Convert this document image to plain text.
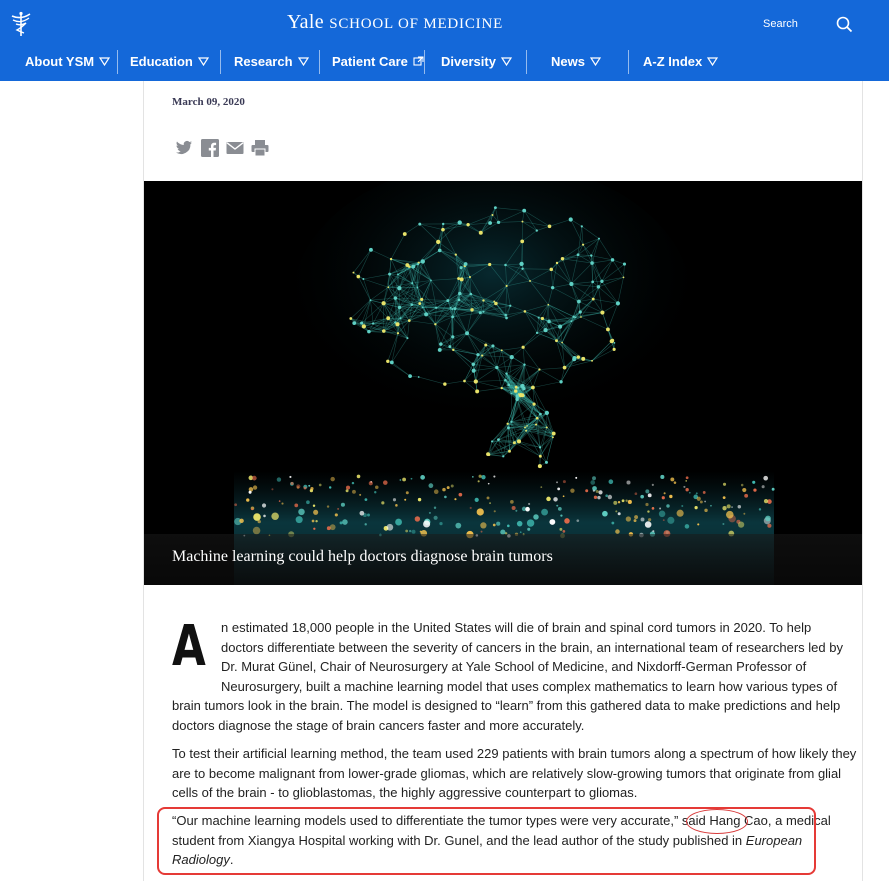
Yale SCHOOL OF MEDICINE	Search
About YSM	Education	Research	Patient Care	Diversity	News	A-Z Index
March 09, 2020
Machine learning could help doctors diagnose brain tumors
A n estimated 18,000 people in the United States will die of brain and spinal cord tumors in 2020. To help
doctors differentiate between the severity of cancers in the brain, an international team of researchers led by
Dr. Murat Günel, Chair of Neurosurgery at Yale School of Medicine, and Nixdorff-German Professor of
Neurosurgery, built a machine learning model that uses complex mathematics to learn how various types of
brain tumors look in the brain. The model is designed to “learn” from this gathered data to make predictions and help
doctors diagnose the stage of brain cancers faster and more accurately.
To test their artificial learning method, the team used 229 patients with brain tumors along a spectrum of how likely they
are to become malignant from lower-grade gliomas, which are relatively slow-growing tumors that originate from glial
cells of the brain - to glioblastomas, the highly aggressive counterpart to gliomas.
“Our machine learning models used to differentiate the tumor types were very accurate,” said Hang Cao, a medical
student from Xiangya Hospital working with Dr. Gunel, and the lead author of the study published in European
Radiology.
